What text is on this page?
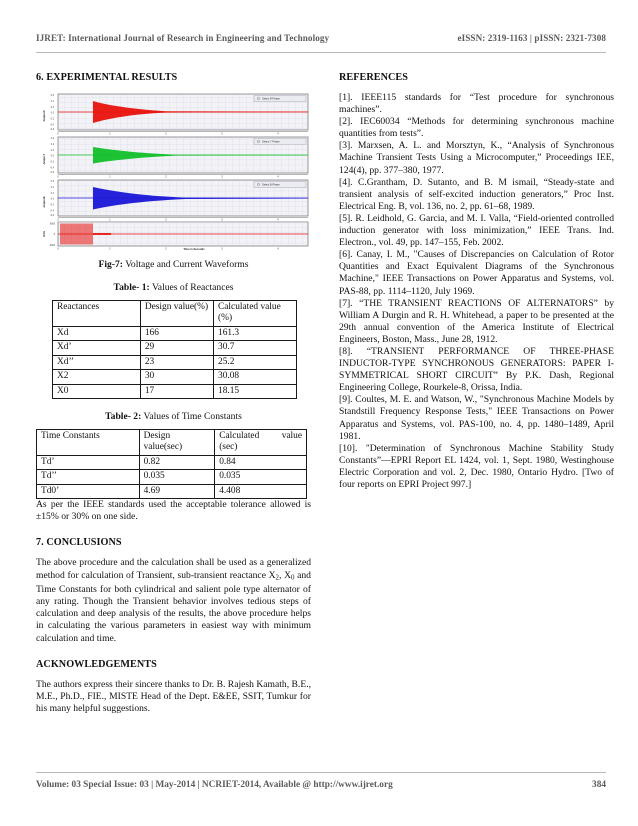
IJRET: International Journal of Research in Engineering and Technology	eISSN: 2319-1163 | pISSN: 2321-7308
6. EXPERIMENTAL RESULTS
0.6
0.4
0.2
0.0
-0.2
-0.4
-0.6
Amper-R
Select R Phase
0	1	2	3	4
0.6
0.4
0.2
0.0
-0.2
-0.4
-0.6
Amper-Y
Select Y Phase
0	1	2	3	4
0.6
0.4
0.2
0.0
-0.2
-0.4
-0.6
Amper-B
Select B Phase
0	1	2	3	4
6000
0
-6000
Volts
0	1	2	3	4
Time in Seconds
Fig-7: Voltage and Current Waveforms
Table- 1: Values of Reactances
Reactances	Design value(%)	Calculated value (%)
Xd	166	161.3
Xd’	29	30.7
Xd’’	23	25.2
X2	30	30.08
X0	17	18.15
Table- 2: Values of Time Constants
Time Constants	Design value(sec)	Calculated value
(sec)
Td’	0.82	0.84
Td’’	0.035	0.035
Td0’	4.69	4.408

As per the IEEE standards used the acceptable tolerance allowed is ±15% or 30% on one side.

7. CONCLUSIONS

The above procedure and the calculation shall be used as a generalized method for calculation of Transient, sub-transient reactance $X_2$, $X_0$ and Time Constants for both cylindrical and salient pole type alternator of any rating. Though the Transient behavior involves tedious steps of calculation and deep analysis of the results, the above procedure helps in calculating the various parameters in easiest way with minimum calculation and time.

ACKNOWLEDGEMENTS

The authors express their sincere thanks to Dr. B. Rajesh Kamath, B.E., M.E., Ph.D., FIE., MISTE Head of the Dept. E&EE, SSIT, Tumkur for his many helpful suggestions.

REFERENCES

[1]. IEEE115 standards for “Test procedure for synchronous machines”.

[2]. IEC60034 “Methods for determining synchronous machine quantities from tests”.

[3]. Marxsen, A. L. and Morsztyn, K., “Analysis of Synchronous Machine Transient Tests Using a Microcomputer,” Proceedings IEE, 124(4), pp. 377–380, 1977.

[4]. C.Grantham, D. Sutanto, and B. M ismail, “Steady-state and transient analysis of self-excited induction generators,” Proc Inst. Electrical Eng. B, vol. 136, no. 2, pp. 61–68, 1989.

[5]. R. Leidhold, G. Garcia, and M. I. Valla, “Field-oriented controlled induction generator with loss minimization,” IEEE Trans. Ind. Electron., vol. 49, pp. 147–155, Feb. 2002.

[6]. Canay, I. M., "Causes of Discrepancies on Calculation of Rotor Quantities and Exact Equivalent Diagrams of the Synchronous Machine," IEEE Transactions on Power Apparatus and Systems, vol. PAS-88, pp. 1114–1120, July 1969.

[7]. “THE TRANSIENT REACTIONS OF ALTERNATORS” by William A Durgin and R. H. Whitehead, a paper to be presented at the 29th annual convention of the America Institute of Electrical Engineers, Boston, Mass., June 28, 1912.

[8]. “TRANSIENT PERFORMANCE OF THREE-PHASE INDUCTOR-TYPE SYNCHRONOUS GENERATORS: PAPER I- SYMMETRICAL SHORT CIRCUIT” By P.K. Dash, Regional Engineering College, Rourkele-8, Orissa, India.

[9]. Coultes, M. E. and Watson, W., "Synchronous Machine Models by Standstill Frequency Response Tests," IEEE Transactions on Power Apparatus and Systems, vol. PAS-100, no. 4, pp. 1480–1489, April 1981.

[10]. "Determination of Synchronous Machine Stability Study Constants”—EPRI Report EL 1424, vol. 1, Sept. 1980, Westinghouse Electric Corporation and vol. 2, Dec. 1980, Ontario Hydro. [Two of four reports on EPRI Project 997.]

Volume: 03 Special Issue: 03 | May-2014 | NCRIET-2014, Available @ http://www.ijret.org	384
